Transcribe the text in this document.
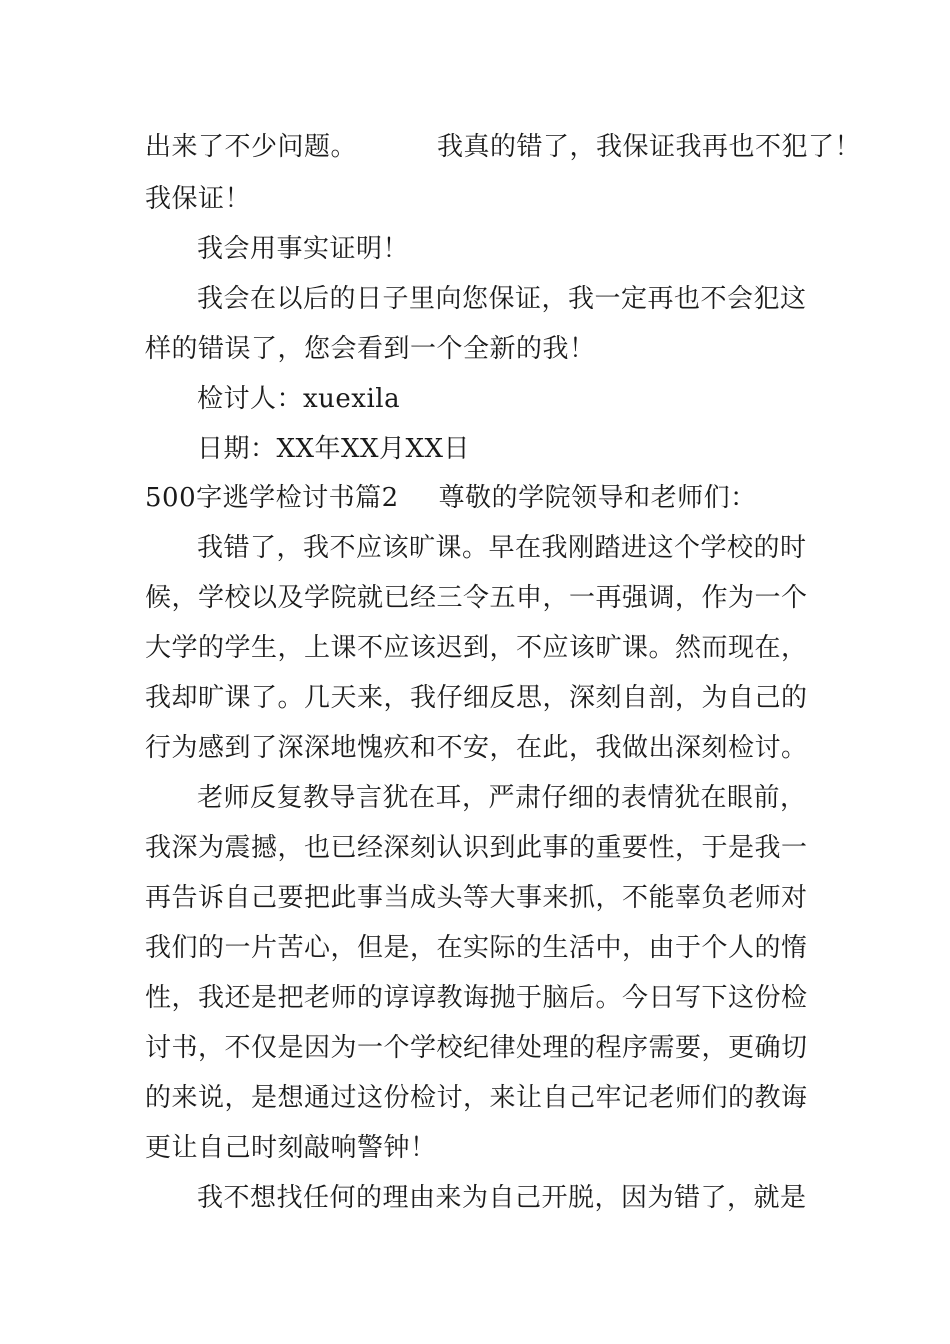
出来了不少问题。	我真的错了，我保证我再也不犯了！
我保证！
我会用事实证明！
我会在以后的日子里向您保证，我一定再也不会犯这
样的错误了，您会看到一个全新的我！
检讨人：xuexila
日期：XX年XX月XX日
500字逃学检讨书篇2 尊敬的学院领导和老师们：
我错了，我不应该旷课。早在我刚踏进这个学校的时
候，学校以及学院就已经三令五申，一再强调，作为一个
大学的学生，上课不应该迟到，不应该旷课。然而现在，
我却旷课了。几天来，我仔细反思，深刻自剖，为自己的
行为感到了深深地愧疚和不安，在此，我做出深刻检讨。
老师反复教导言犹在耳，严肃仔细的表情犹在眼前，
我深为震撼，也已经深刻认识到此事的重要性，于是我一
再告诉自己要把此事当成头等大事来抓，不能辜负老师对
我们的一片苦心，但是，在实际的生活中，由于个人的惰
性，我还是把老师的谆谆教诲抛于脑后。今日写下这份检
讨书，不仅是因为一个学校纪律处理的程序需要，更确切
的来说，是想通过这份检讨，来让自己牢记老师们的教诲
更让自己时刻敲响警钟！
我不想找任何的理由来为自己开脱，因为错了，就是
